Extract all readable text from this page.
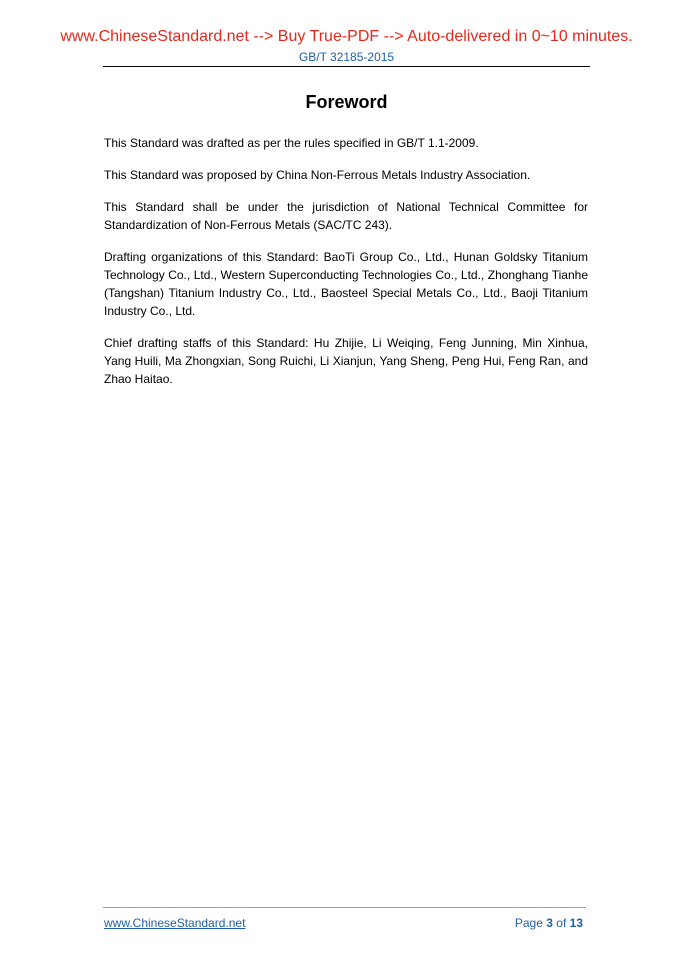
www.ChineseStandard.net --> Buy True-PDF --> Auto-delivered in 0~10 minutes.
GB/T 32185-2015
Foreword

This Standard was drafted as per the rules specified in GB/T 1.1-2009.

This Standard was proposed by China Non-Ferrous Metals Industry Association.

This Standard shall be under the jurisdiction of National Technical Committee for Standardization of Non-Ferrous Metals (SAC/TC 243).

Drafting organizations of this Standard: BaoTi Group Co., Ltd., Hunan Goldsky Titanium Technology Co., Ltd., Western Superconducting Technologies Co., Ltd., Zhonghang Tianhe (Tangshan) Titanium Industry Co., Ltd., Baosteel Special Metals Co., Ltd., Baoji Titanium Industry Co., Ltd.

Chief drafting staffs of this Standard: Hu Zhijie, Li Weiqing, Feng Junning, Min Xinhua, Yang Huili, Ma Zhongxian, Song Ruichi, Li Xianjun, Yang Sheng, Peng Hui, Feng Ran, and Zhao Haitao.

www.ChineseStandard.net	Page 3 of 13
